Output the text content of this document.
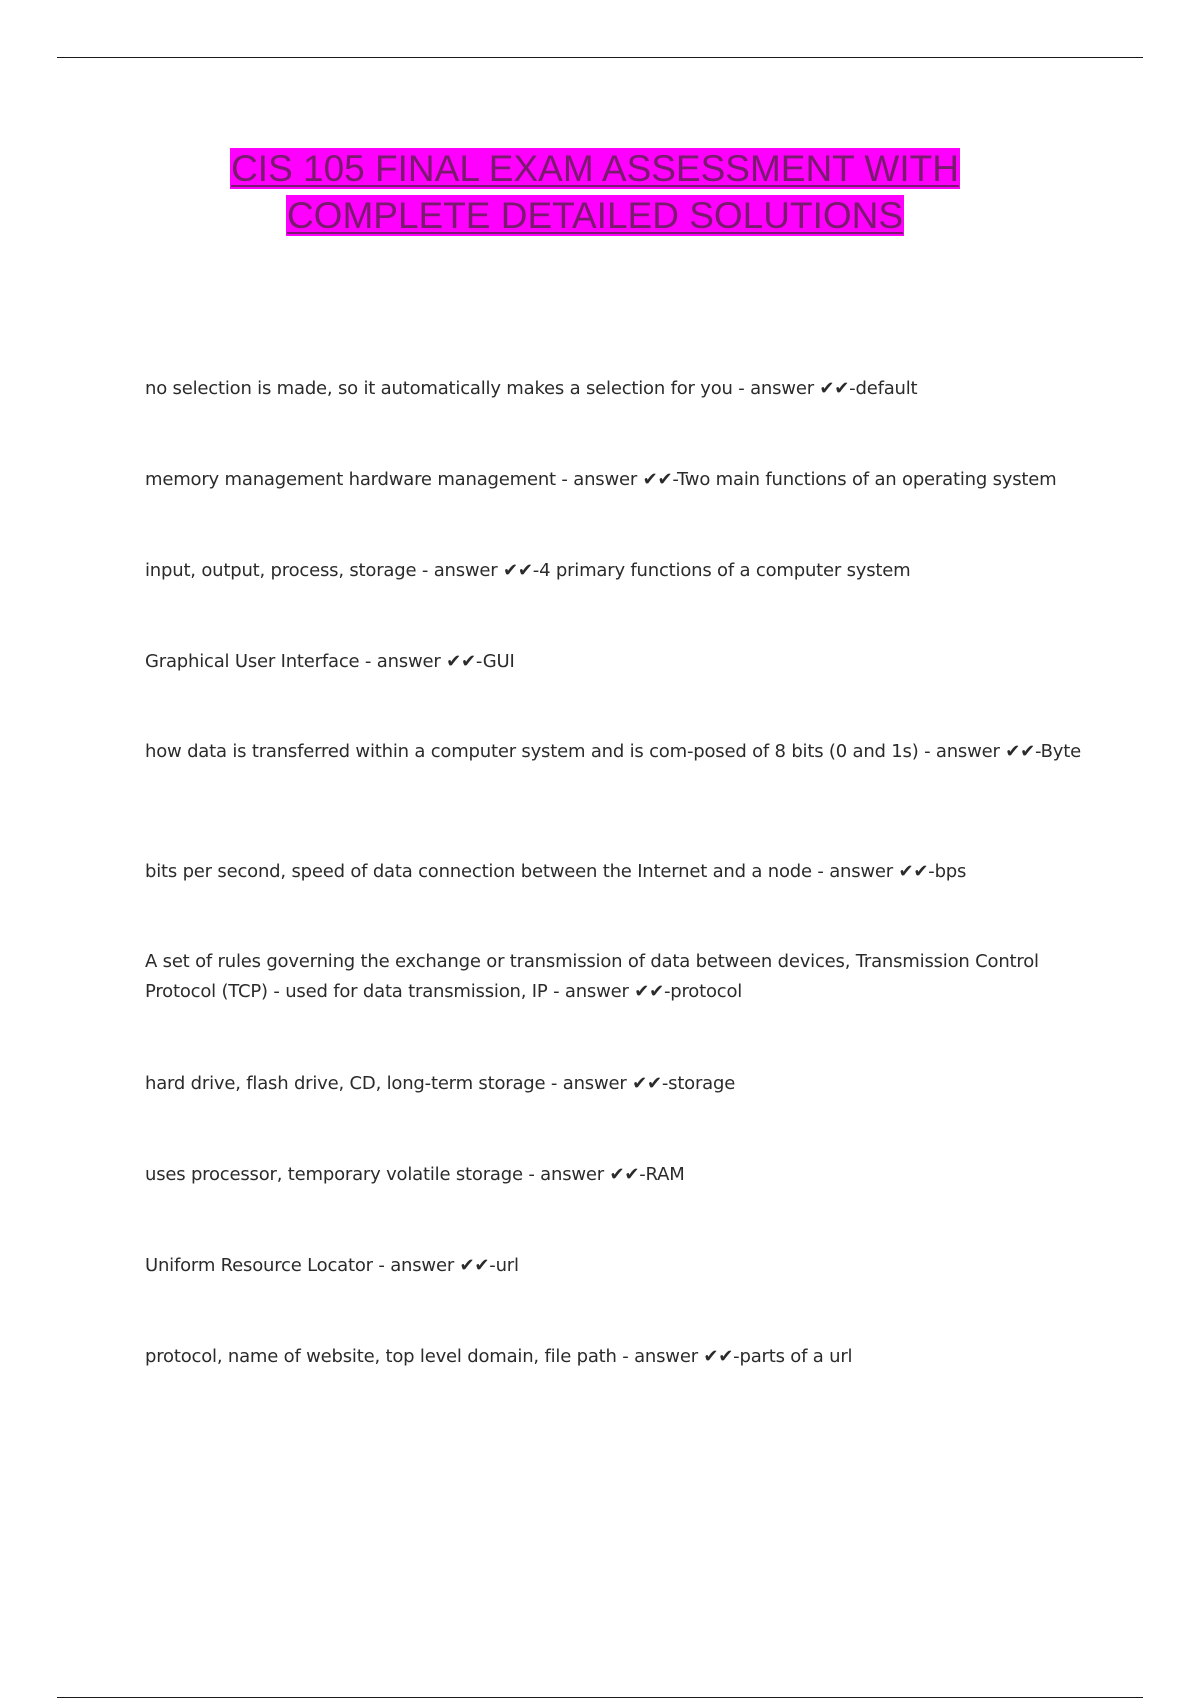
CIS 105 FINAL EXAM ASSESSMENT WITH
COMPLETE DETAILED SOLUTIONS

no selection is made, so it automatically makes a selection for you - answer ✔✔-default

memory management hardware management - answer ✔✔-Two main functions of an operating system

input, output, process, storage - answer ✔✔-4 primary functions of a computer system

Graphical User Interface - answer ✔✔-GUI

how data is transferred within a computer system and is com-posed of 8 bits (0 and 1s) - answer ✔✔-Byte

bits per second, speed of data connection between the Internet and a node - answer ✔✔-bps

A set of rules governing the exchange or transmission of data between devices, Transmission Control Protocol (TCP) - used for data transmission, IP - answer ✔✔-protocol

hard drive, flash drive, CD, long-term storage - answer ✔✔-storage

uses processor, temporary volatile storage - answer ✔✔-RAM

Uniform Resource Locator - answer ✔✔-url

protocol, name of website, top level domain, file path - answer ✔✔-parts of a url
